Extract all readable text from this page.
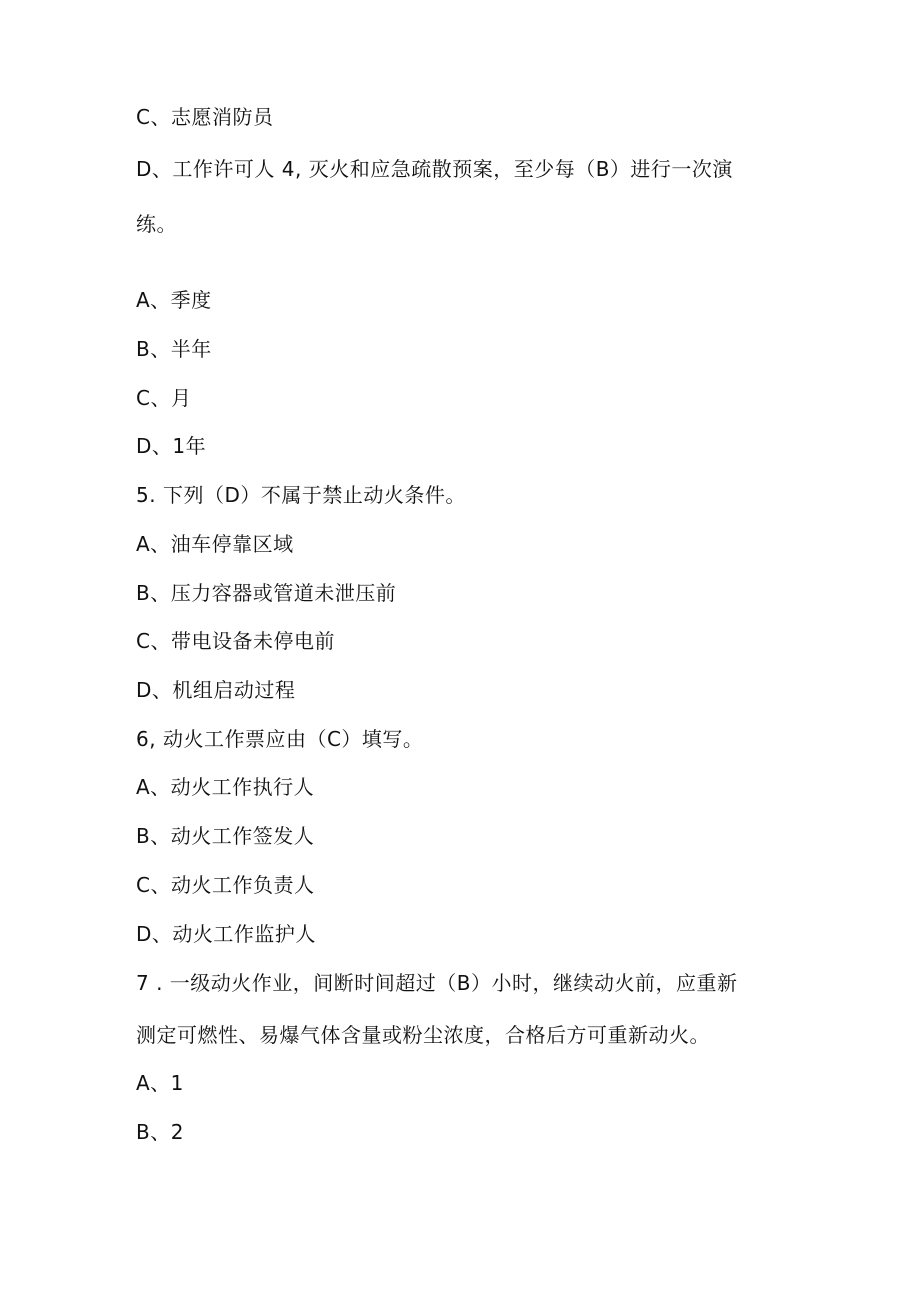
C、志愿消防员
D、工作许可人 4, 灭火和应急疏散预案，至少每（B）进行一次演
练。
A、季度
B、半年
C、月
D、1年
5. 下列（D）不属于禁止动火条件。
A、油车停靠区域
B、压力容器或管道未泄压前
C、带电设备未停电前
D、机组启动过程
6, 动火工作票应由（C）填写。
A、动火工作执行人
B、动火工作签发人
C、动火工作负责人
D、动火工作监护人
7 . 一级动火作业，间断时间超过（B）小时，继续动火前，应重新
测定可燃性、易爆气体含量或粉尘浓度，合格后方可重新动火。
A、1
B、2
